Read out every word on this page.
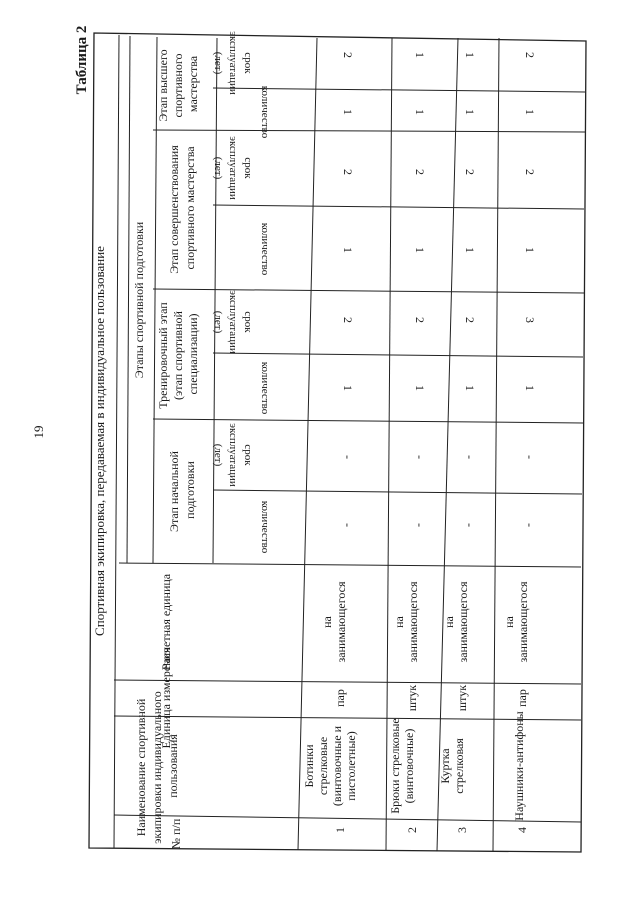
19
Таблица 2
Спортивная экипировка, передаваемая в индивидуальное пользование
№ п/п
Наименование спортивной экипировки индивидуального пользования
Единица измерения
Расчетная единица
Этапы спортивной подготовки
Этап начальной подготовки
Тренировочный этап (этап спортивной специализации)
Этап совершенствования спортивного мастерства
Этап высшего спортивного мастерства
количество
срок
эксплуатации
(лет)
количество
срок
эксплуатации
(лет)
количество
срок
эксплуатации
(лет)
количество
срок
эксплуатации
(лет)
1
Ботинкистрелковые(винтовочные ипистолетные)
пар
назанимающегося
-
-
1
2
1
2
1
2
2
Брюки стрелковые(винтовочные)
штук
назанимающегося
-
-
1
2
1
2
1
1
3
Курткастрелковая
штук
назанимающегося
-
-
1
2
1
2
1
1
4
Наушники-антифоны
пар
назанимающегося
-
-
1
3
1
2
1
2
